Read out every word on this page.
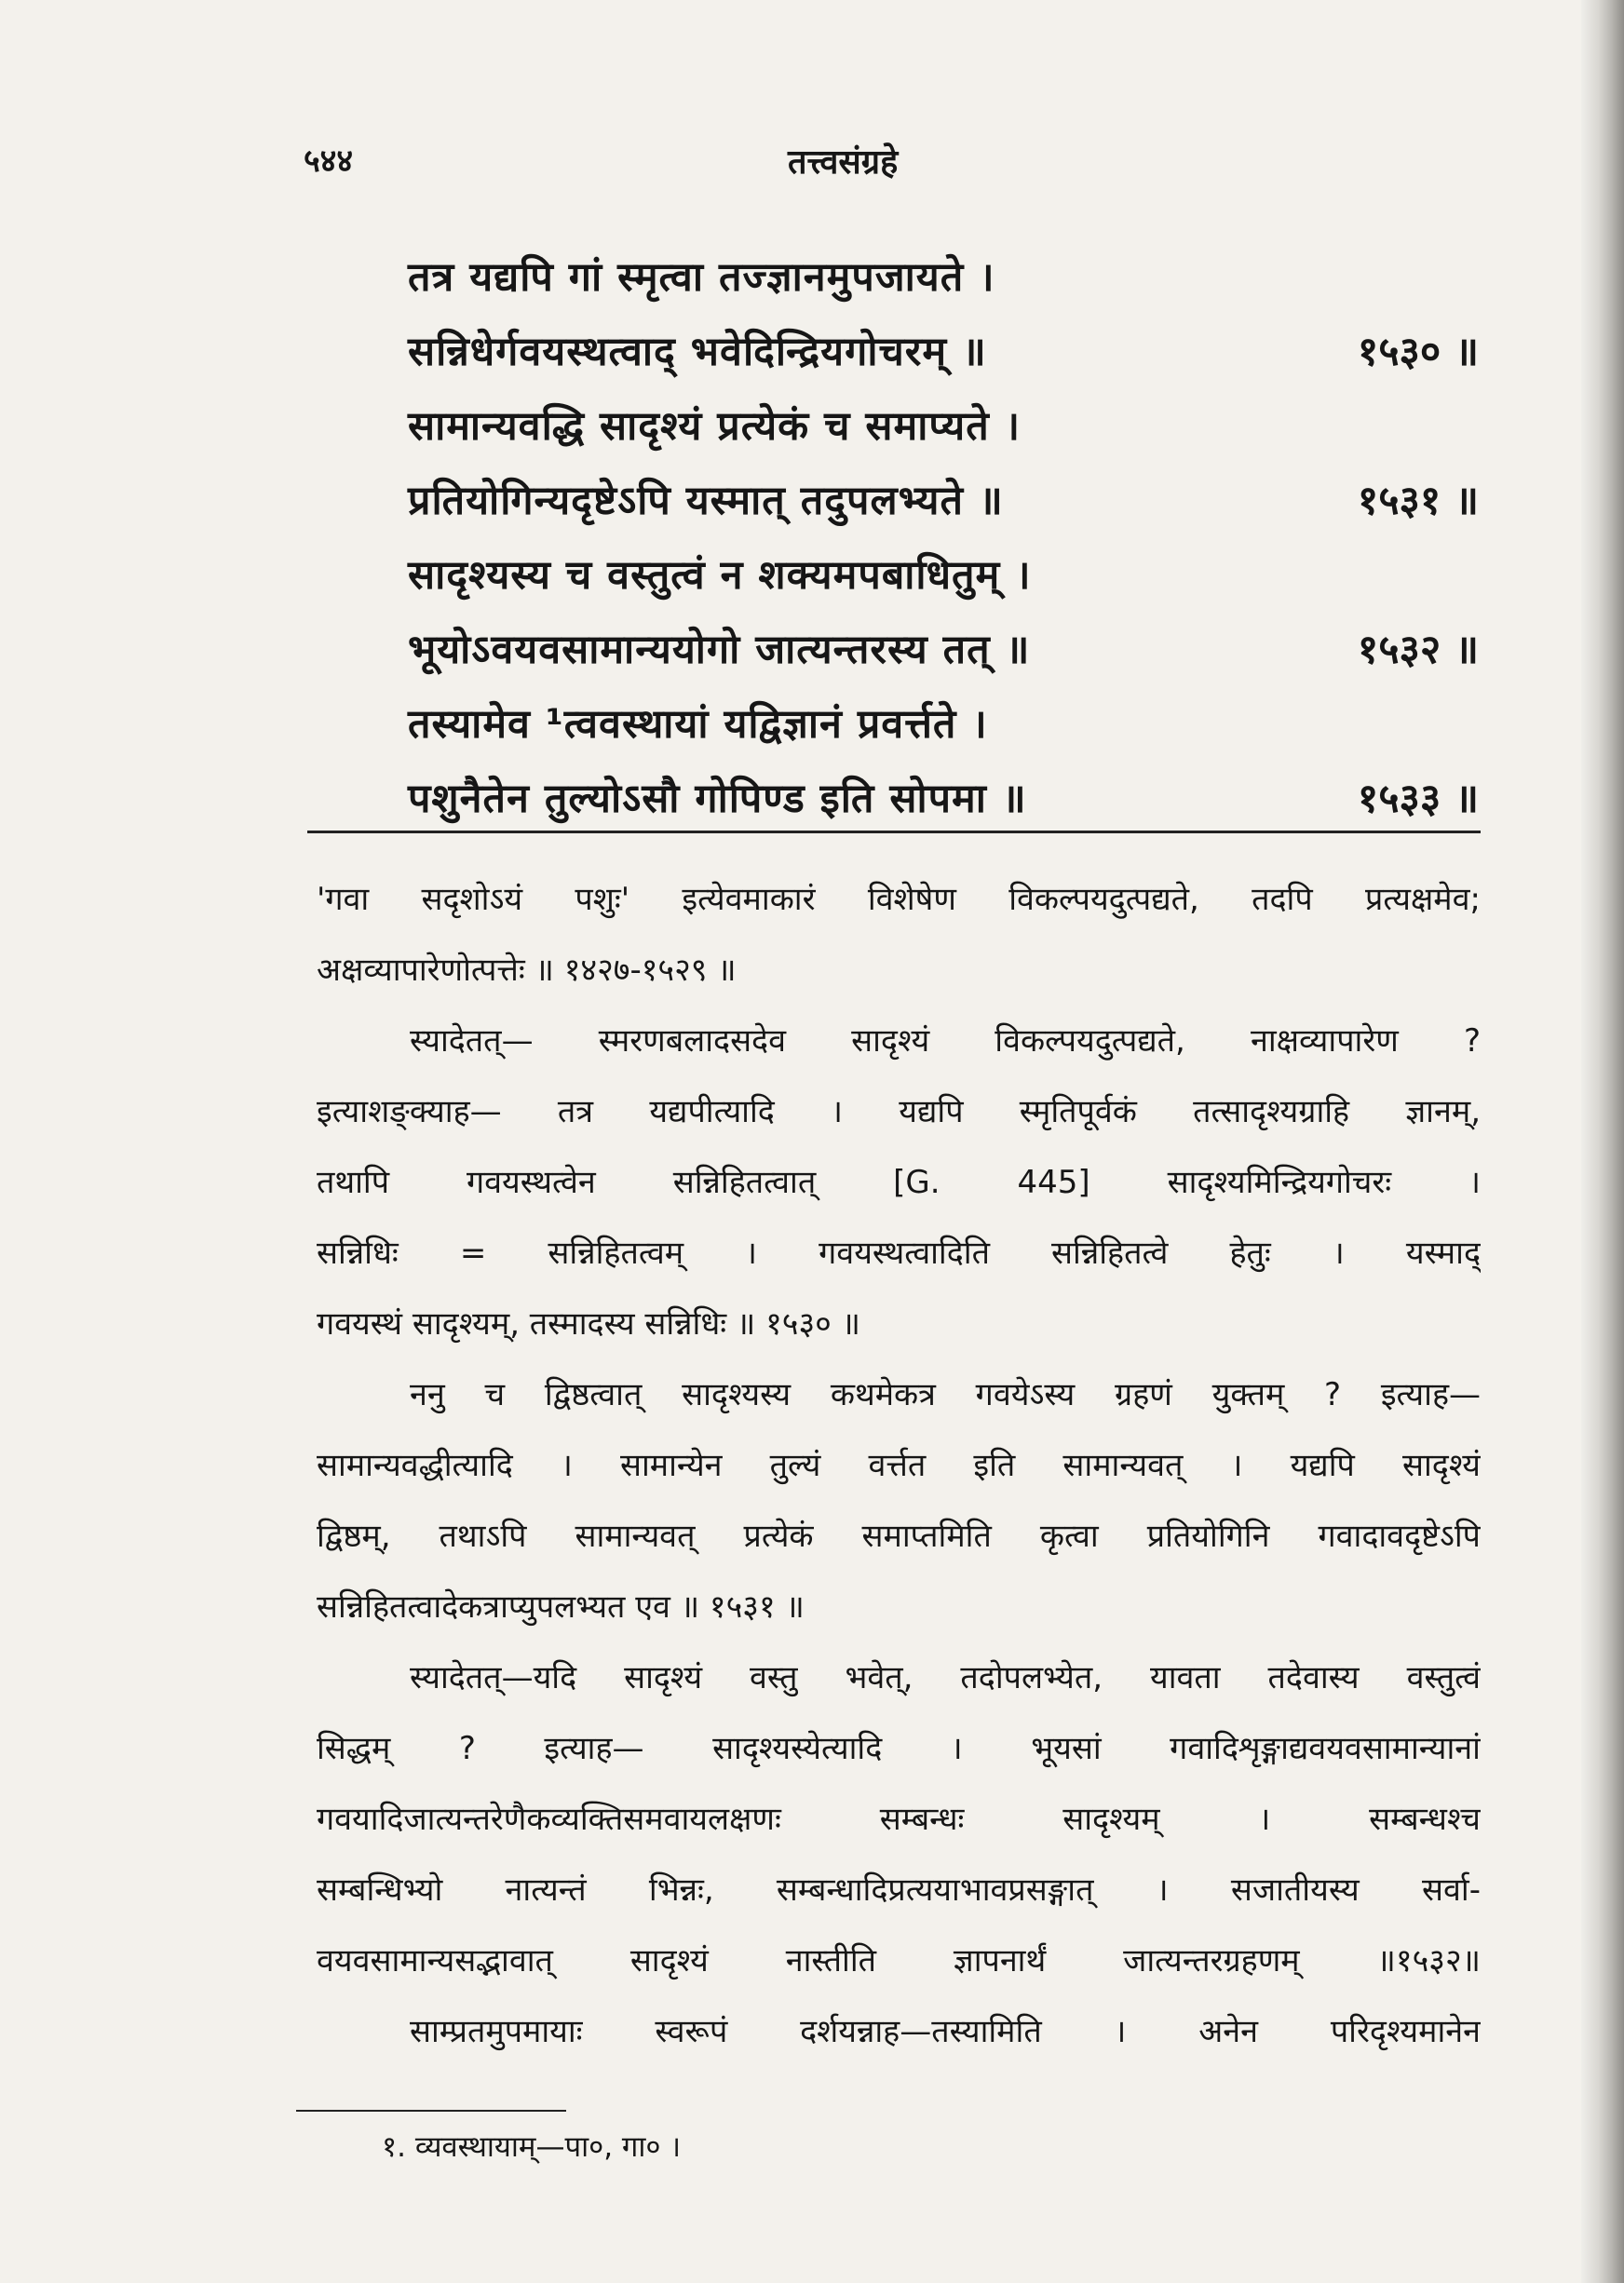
५४४	तत्त्वसंग्रहे
तत्र यद्यपि गां स्मृत्वा तज्ज्ञानमुपजायते ।
सन्निधेर्गवयस्थत्वाद् भवेदिन्द्रियगोचरम् ॥	१५३० ॥
सामान्यवद्धि सादृश्यं प्रत्येकं च समाप्यते ।
प्रतियोगिन्यदृष्टेऽपि यस्मात् तदुपलभ्यते ॥	१५३१ ॥
सादृश्यस्य च वस्तुत्वं न शक्यमपबाधितुम् ।
भूयोऽवयवसामान्ययोगो जात्यन्तरस्य तत् ॥	१५३२ ॥
तस्यामेव ¹त्ववस्थायां यद्विज्ञानं प्रवर्त्तते ।
पशुनैतेन तुल्योऽसौ गोपिण्ड इति सोपमा ॥	१५३३ ॥
'गवा सदृशोऽयं पशुः' इत्येवमाकारं विशेषेण विकल्पयदुत्पद्यते, तदपि प्रत्यक्षमेव;
अक्षव्यापारेणोत्पत्तेः ॥ १४२७-१५२९ ॥
स्यादेतत्— स्मरणबलादसदेव सादृश्यं विकल्पयदुत्पद्यते, नाक्षव्यापारेण ?
इत्याशङ्क्याह— तत्र यद्यपीत्यादि । यद्यपि स्मृतिपूर्वकं तत्सादृश्यग्राहि ज्ञानम्,
तथापि गवयस्थत्वेन सन्निहितत्वात् [G. 445] सादृश्यमिन्द्रियगोचरः ।
सन्निधिः = सन्निहितत्वम् । गवयस्थत्वादिति सन्निहितत्वे हेतुः । यस्माद्
गवयस्थं सादृश्यम्, तस्मादस्य सन्निधिः ॥ १५३० ॥
ननु च द्विष्ठत्वात् सादृश्यस्य कथमेकत्र गवयेऽस्य ग्रहणं युक्तम् ? इत्याह—
सामान्यवद्धीत्यादि । सामान्येन तुल्यं वर्त्तत इति सामान्यवत् । यद्यपि सादृश्यं
द्विष्ठम्, तथाऽपि सामान्यवत् प्रत्येकं समाप्तमिति कृत्वा प्रतियोगिनि गवादावदृष्टेऽपि
सन्निहितत्वादेकत्राप्युपलभ्यत एव ॥ १५३१ ॥
स्यादेतत्—यदि सादृश्यं वस्तु भवेत्, तदोपलभ्येत, यावता तदेवास्य वस्तुत्वं
सिद्धम् ? इत्याह— सादृश्यस्येत्यादि । भूयसां गवादिशृङ्गाद्यवयवसामान्यानां
गवयादिजात्यन्तरेणैकव्यक्तिसमवायलक्षणः सम्बन्धः सादृश्यम् । सम्बन्धश्च
सम्बन्धिभ्यो नात्यन्तं भिन्नः, सम्बन्धादिप्रत्ययाभावप्रसङ्गात् । सजातीयस्य सर्वा-
वयवसामान्यसद्भावात् सादृश्यं नास्तीति ज्ञापनार्थं जात्यन्तरग्रहणम् ॥१५३२॥
साम्प्रतमुपमायाः स्वरूपं दर्शयन्नाह—तस्यामिति । अनेन परिदृश्यमानेन
१. व्यवस्थायाम्—पा०, गा० ।
